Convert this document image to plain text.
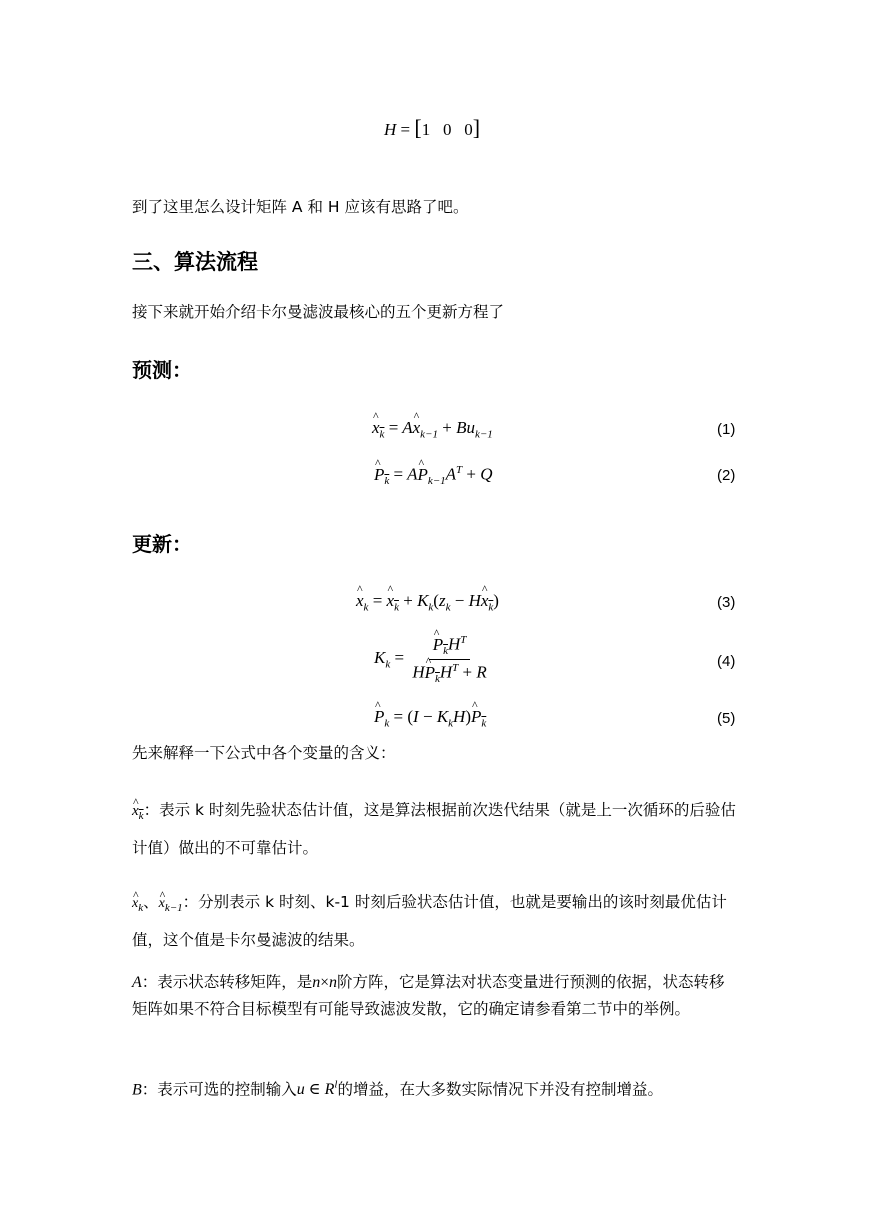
H = [1   0   0]
到了这里怎么设计矩阵 A 和 H 应该有思路了吧。
三、算法流程
接下来就开始介绍卡尔曼滤波最核心的五个更新方程了
预测：
^ $x_{\overline{k}}$ = A^ $x_{k-1} + Bu_{k-1}$	(1)
^ $P_{\overline{k}}$ = A^ $P_{k-1}A^T + Q$	(2)
更新：
^ $x_k$ = ^ $x_{\overline{k}} + K_k(z_k$ − H^ $x_{\overline{k}}$)	(3)
$K_k$ = ^ $\frac{P_{\overline{k}}H^T}{H\^{} P_{\overline{k}}H^T + R}$	(4)
^ $P_k = (I$ − $K_kH)\^{}$ $P_{\overline{k}}$	(5)
先来解释一下公式中各个变量的含义：
^ $x_{\overline{k}}$：表示 k 时刻先验状态估计值，这是算法根据前次迭代结果（就是上一次循环的后验估计值）做出的不可靠估计。
^ $x_k$、^ $x_{k-1}$：分别表示 k 时刻、k-1 时刻后验状态估计值，也就是要输出的该时刻最优估计值，这个值是卡尔曼滤波的结果。
A：表示状态转移矩阵，是n×n阶方阵，它是算法对状态变量进行预测的依据，状态转移矩阵如果不符合目标模型有可能导致滤波发散，它的确定请参看第二节中的举例。
B：表示可选的控制输入u ∈ $R^l$的增益，在大多数实际情况下并没有控制增益。
